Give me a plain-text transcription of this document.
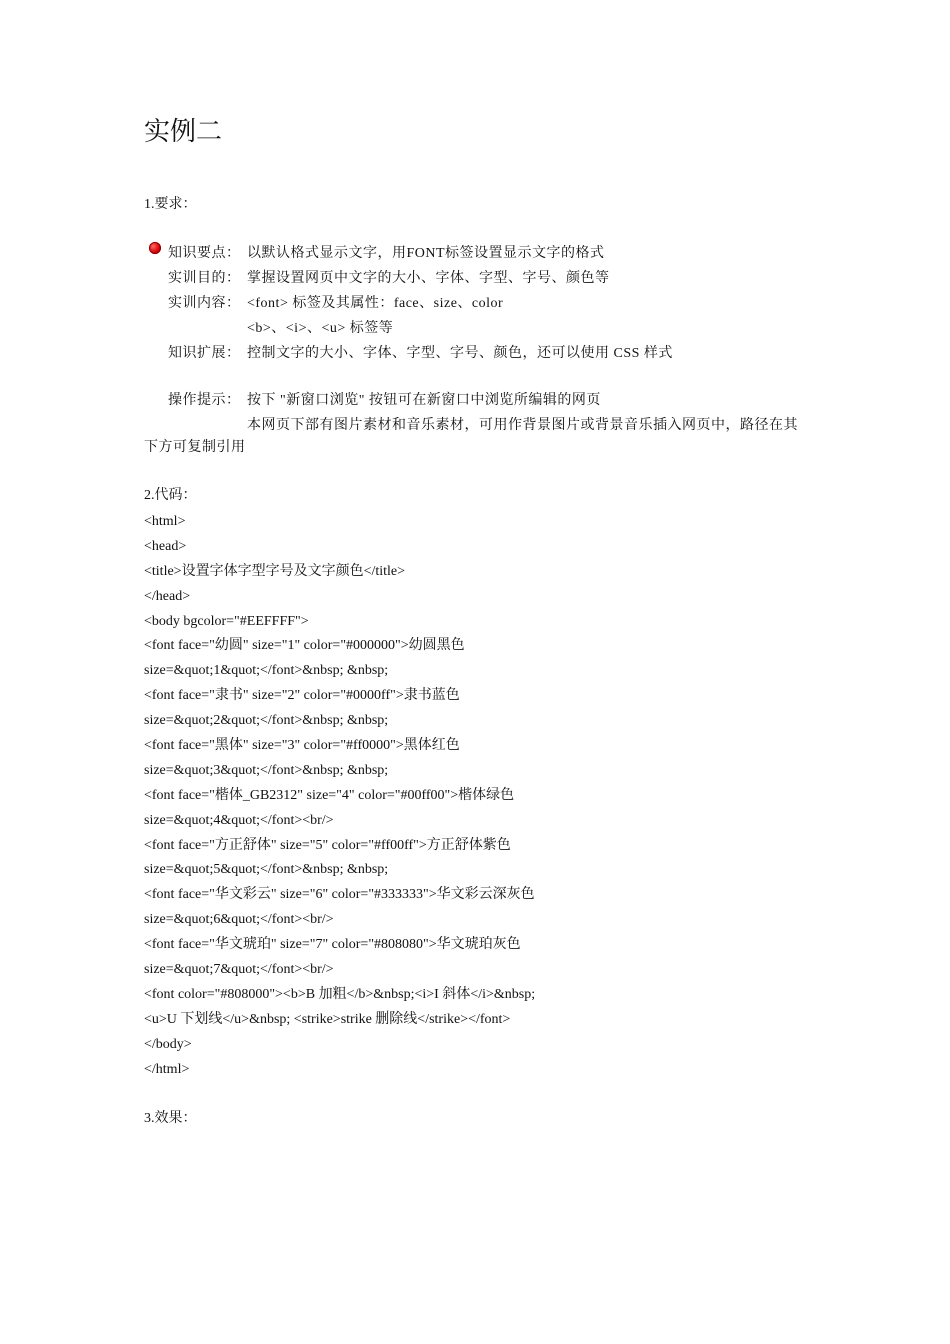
实例二
1.要求：
知识要点： 以默认格式显示文字，用FONT标签设置显示文字的格式
实训目的： 掌握设置网页中文字的大小、字体、字型、字号、颜色等
实训内容： <font> 标签及其属性：face、size、color
<b>、<i>、<u> 标签等
知识扩展： 控制文字的大小、字体、字型、字号、颜色，还可以使用 CSS 样式
操作提示： 按下 "新窗口浏览" 按钮可在新窗口中浏览所编辑的网页
本网页下部有图片素材和音乐素材，可用作背景图片或背景音乐插入网页中，路径在其
下方可复制引用
2.代码：
<html>
<head>
<title>设置字体字型字号及文字颜色</title>
</head>
<body bgcolor="#EEFFFF">
<font face="幼圆" size="1" color="#000000">幼圆黑色
size=&quot;1&quot;</font>&nbsp; &nbsp;
<font face="隶书" size="2" color="#0000ff">隶书蓝色
size=&quot;2&quot;</font>&nbsp; &nbsp;
<font face="黑体" size="3" color="#ff0000">黑体红色
size=&quot;3&quot;</font>&nbsp; &nbsp;
<font face="楷体_GB2312" size="4" color="#00ff00">楷体绿色
size=&quot;4&quot;</font><br/>
<font face="方正舒体" size="5" color="#ff00ff">方正舒体紫色
size=&quot;5&quot;</font>&nbsp; &nbsp;
<font face="华文彩云" size="6" color="#333333">华文彩云深灰色
size=&quot;6&quot;</font><br/>
<font face="华文琥珀" size="7" color="#808080">华文琥珀灰色
size=&quot;7&quot;</font><br/>
<font color="#808000"><b>B 加粗</b>&nbsp;<i>I 斜体</i>&nbsp;
<u>U 下划线</u>&nbsp; <strike>strike 删除线</strike></font>
</body>
</html>
3.效果：
